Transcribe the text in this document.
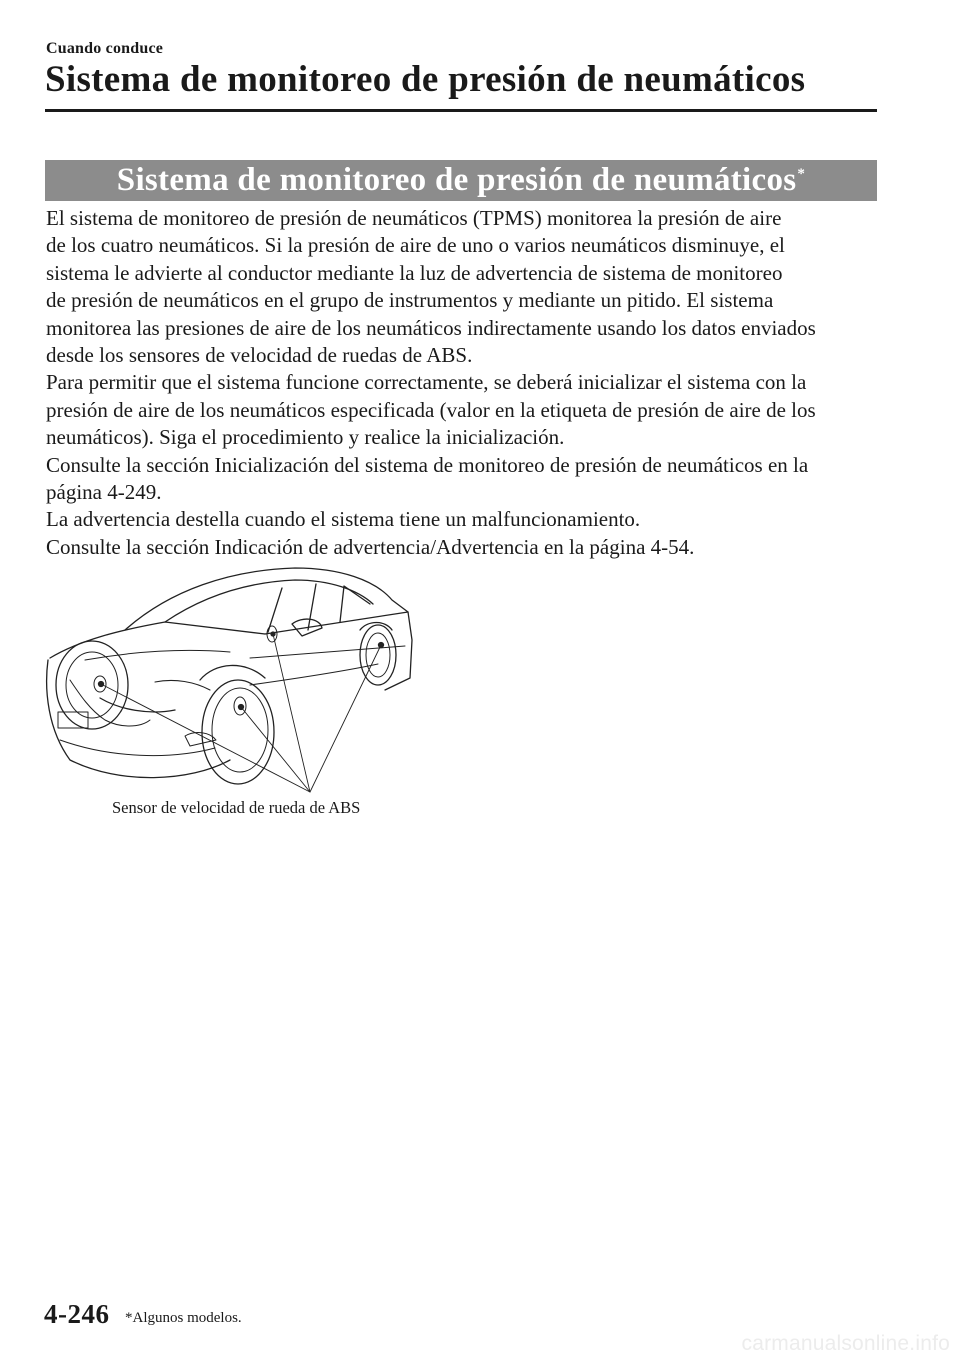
Cuando conduce
Sistema de monitoreo de presión de neumáticos
Sistema de monitoreo de presión de neumáticos*
El sistema de monitoreo de presión de neumáticos (TPMS) monitorea la presión de aire
de los cuatro neumáticos. Si la presión de aire de uno o varios neumáticos disminuye, el
sistema le advierte al conductor mediante la luz de advertencia de sistema de monitoreo
de presión de neumáticos en el grupo de instrumentos y mediante un pitido. El sistema
monitorea las presiones de aire de los neumáticos indirectamente usando los datos enviados
desde los sensores de velocidad de ruedas de ABS.
Para permitir que el sistema funcione correctamente, se deberá inicializar el sistema con la
presión de aire de los neumáticos especificada (valor en la etiqueta de presión de aire de los
neumáticos). Siga el procedimiento y realice la inicialización.
Consulte la sección Inicialización del sistema de monitoreo de presión de neumáticos en la
página 4-249.
La advertencia destella cuando el sistema tiene un malfuncionamiento.
Consulte la sección Indicación de advertencia/Advertencia en la página 4-54.
Sensor de velocidad de rueda de ABS
4-246 *Algunos modelos.
carmanualsonline.info
